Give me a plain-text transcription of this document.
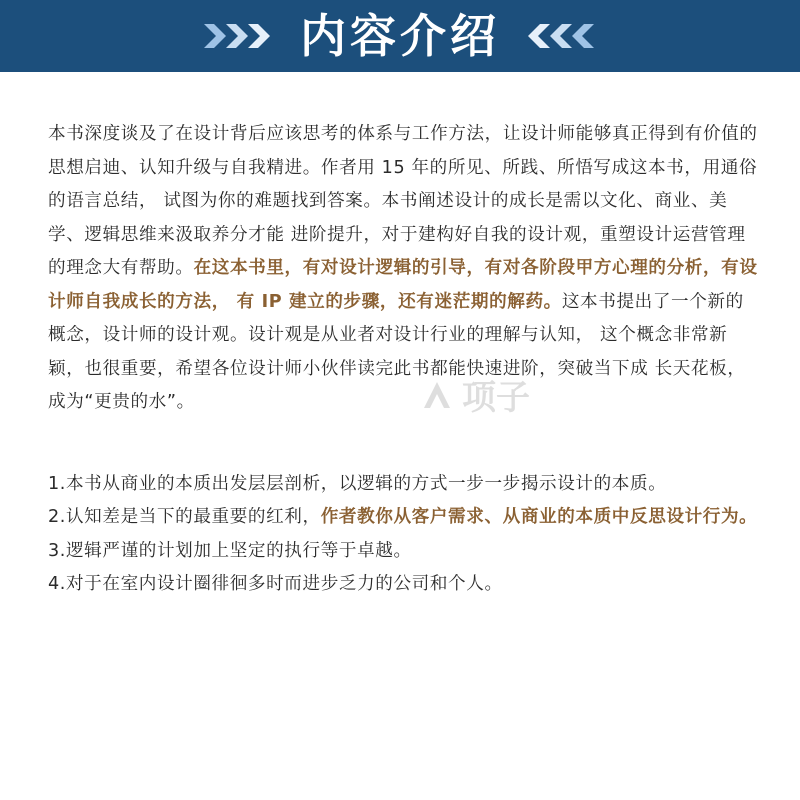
内容介绍

本书深度谈及了在设计背后应该思考的体系与工作方法，让设计师能够真正得到有价值的思想启迪、认知升级与自我精进。作者用 15 年的所见、所践、所悟写成这本书，用通俗的语言总结， 试图为你的难题找到答案。本书阐述设计的成长是需以文化、商业、美学、逻辑思维来汲取养分才能 进阶提升，对于建构好自我的设计观，重塑设计运营管理的理念大有帮助。在这本书里，有对设计逻辑的引导，有对各阶段甲方心理的分析，有设计师自我成长的方法， 有 IP 建立的步骤，还有迷茫期的解药。这本书提出了一个新的概念，设计师的设计观。设计观是从业者对设计行业的理解与认知， 这个概念非常新颖，也很重要，希望各位设计师小伙伴读完此书都能快速进阶，突破当下成 长天花板，成为“更贵的水”。

1.本书从商业的本质出发层层剖析，以逻辑的方式一步一步揭示设计的本质。

2.认知差是当下的最重要的红利，作者教你从客户需求、从商业的本质中反思设计行为。

3.逻辑严谨的计划加上坚定的执行等于卓越。

4.对于在室内设计圈徘徊多时而进步乏力的公司和个人。

项子
